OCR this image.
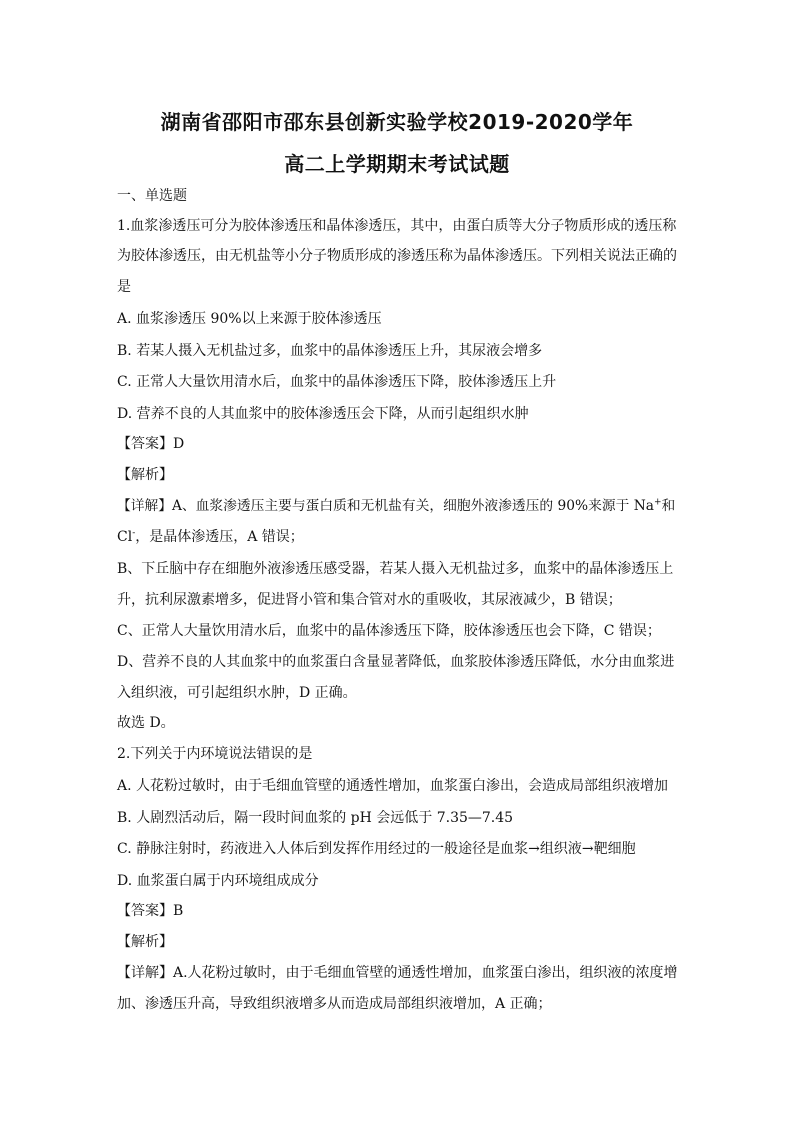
湖南省邵阳市邵东县创新实验学校2019-2020学年
高二上学期期末考试试题
一、单选题
1.血浆渗透压可分为胶体渗透压和晶体渗透压，其中，由蛋白质等大分子物质形成的透压称
为胶体渗透压，由无机盐等小分子物质形成的渗透压称为晶体渗透压。下列相关说法正确的
是
A. 血浆渗透压 90%以上来源于胶体渗透压
B. 若某人摄入无机盐过多，血浆中的晶体渗透压上升，其尿液会增多
C. 正常人大量饮用清水后，血浆中的晶体渗透压下降，胶体渗透压上升
D. 营养不良的人其血浆中的胶体渗透压会下降，从而引起组织水肿
【答案】D
【解析】
【详解】A、血浆渗透压主要与蛋白质和无机盐有关，细胞外液渗透压的 90%来源于 Na+和
Cl-，是晶体渗透压，A 错误；
B、下丘脑中存在细胞外液渗透压感受器，若某人摄入无机盐过多，血浆中的晶体渗透压上
升，抗利尿激素增多，促进肾小管和集合管对水的重吸收，其尿液减少，B 错误；
C、正常人大量饮用清水后，血浆中的晶体渗透压下降，胶体渗透压也会下降，C 错误；
D、营养不良的人其血浆中的血浆蛋白含量显著降低，血浆胶体渗透压降低，水分由血浆进
入组织液，可引起组织水肿，D 正确。
故选 D。
2.下列关于内环境说法错误的是
A. 人花粉过敏时，由于毛细血管壁的通透性增加，血浆蛋白渗出，会造成局部组织液增加
B. 人剧烈活动后，隔一段时间血浆的 pH 会远低于 7.35—7.45
C. 静脉注射时，药液进入人体后到发挥作用经过的一般途径是血浆→组织液→靶细胞
D. 血浆蛋白属于内环境组成成分
【答案】B
【解析】
【详解】A.人花粉过敏时，由于毛细血管壁的通透性增加，血浆蛋白渗出，组织液的浓度增
加、渗透压升高，导致组织液增多从而造成局部组织液增加，A 正确；
